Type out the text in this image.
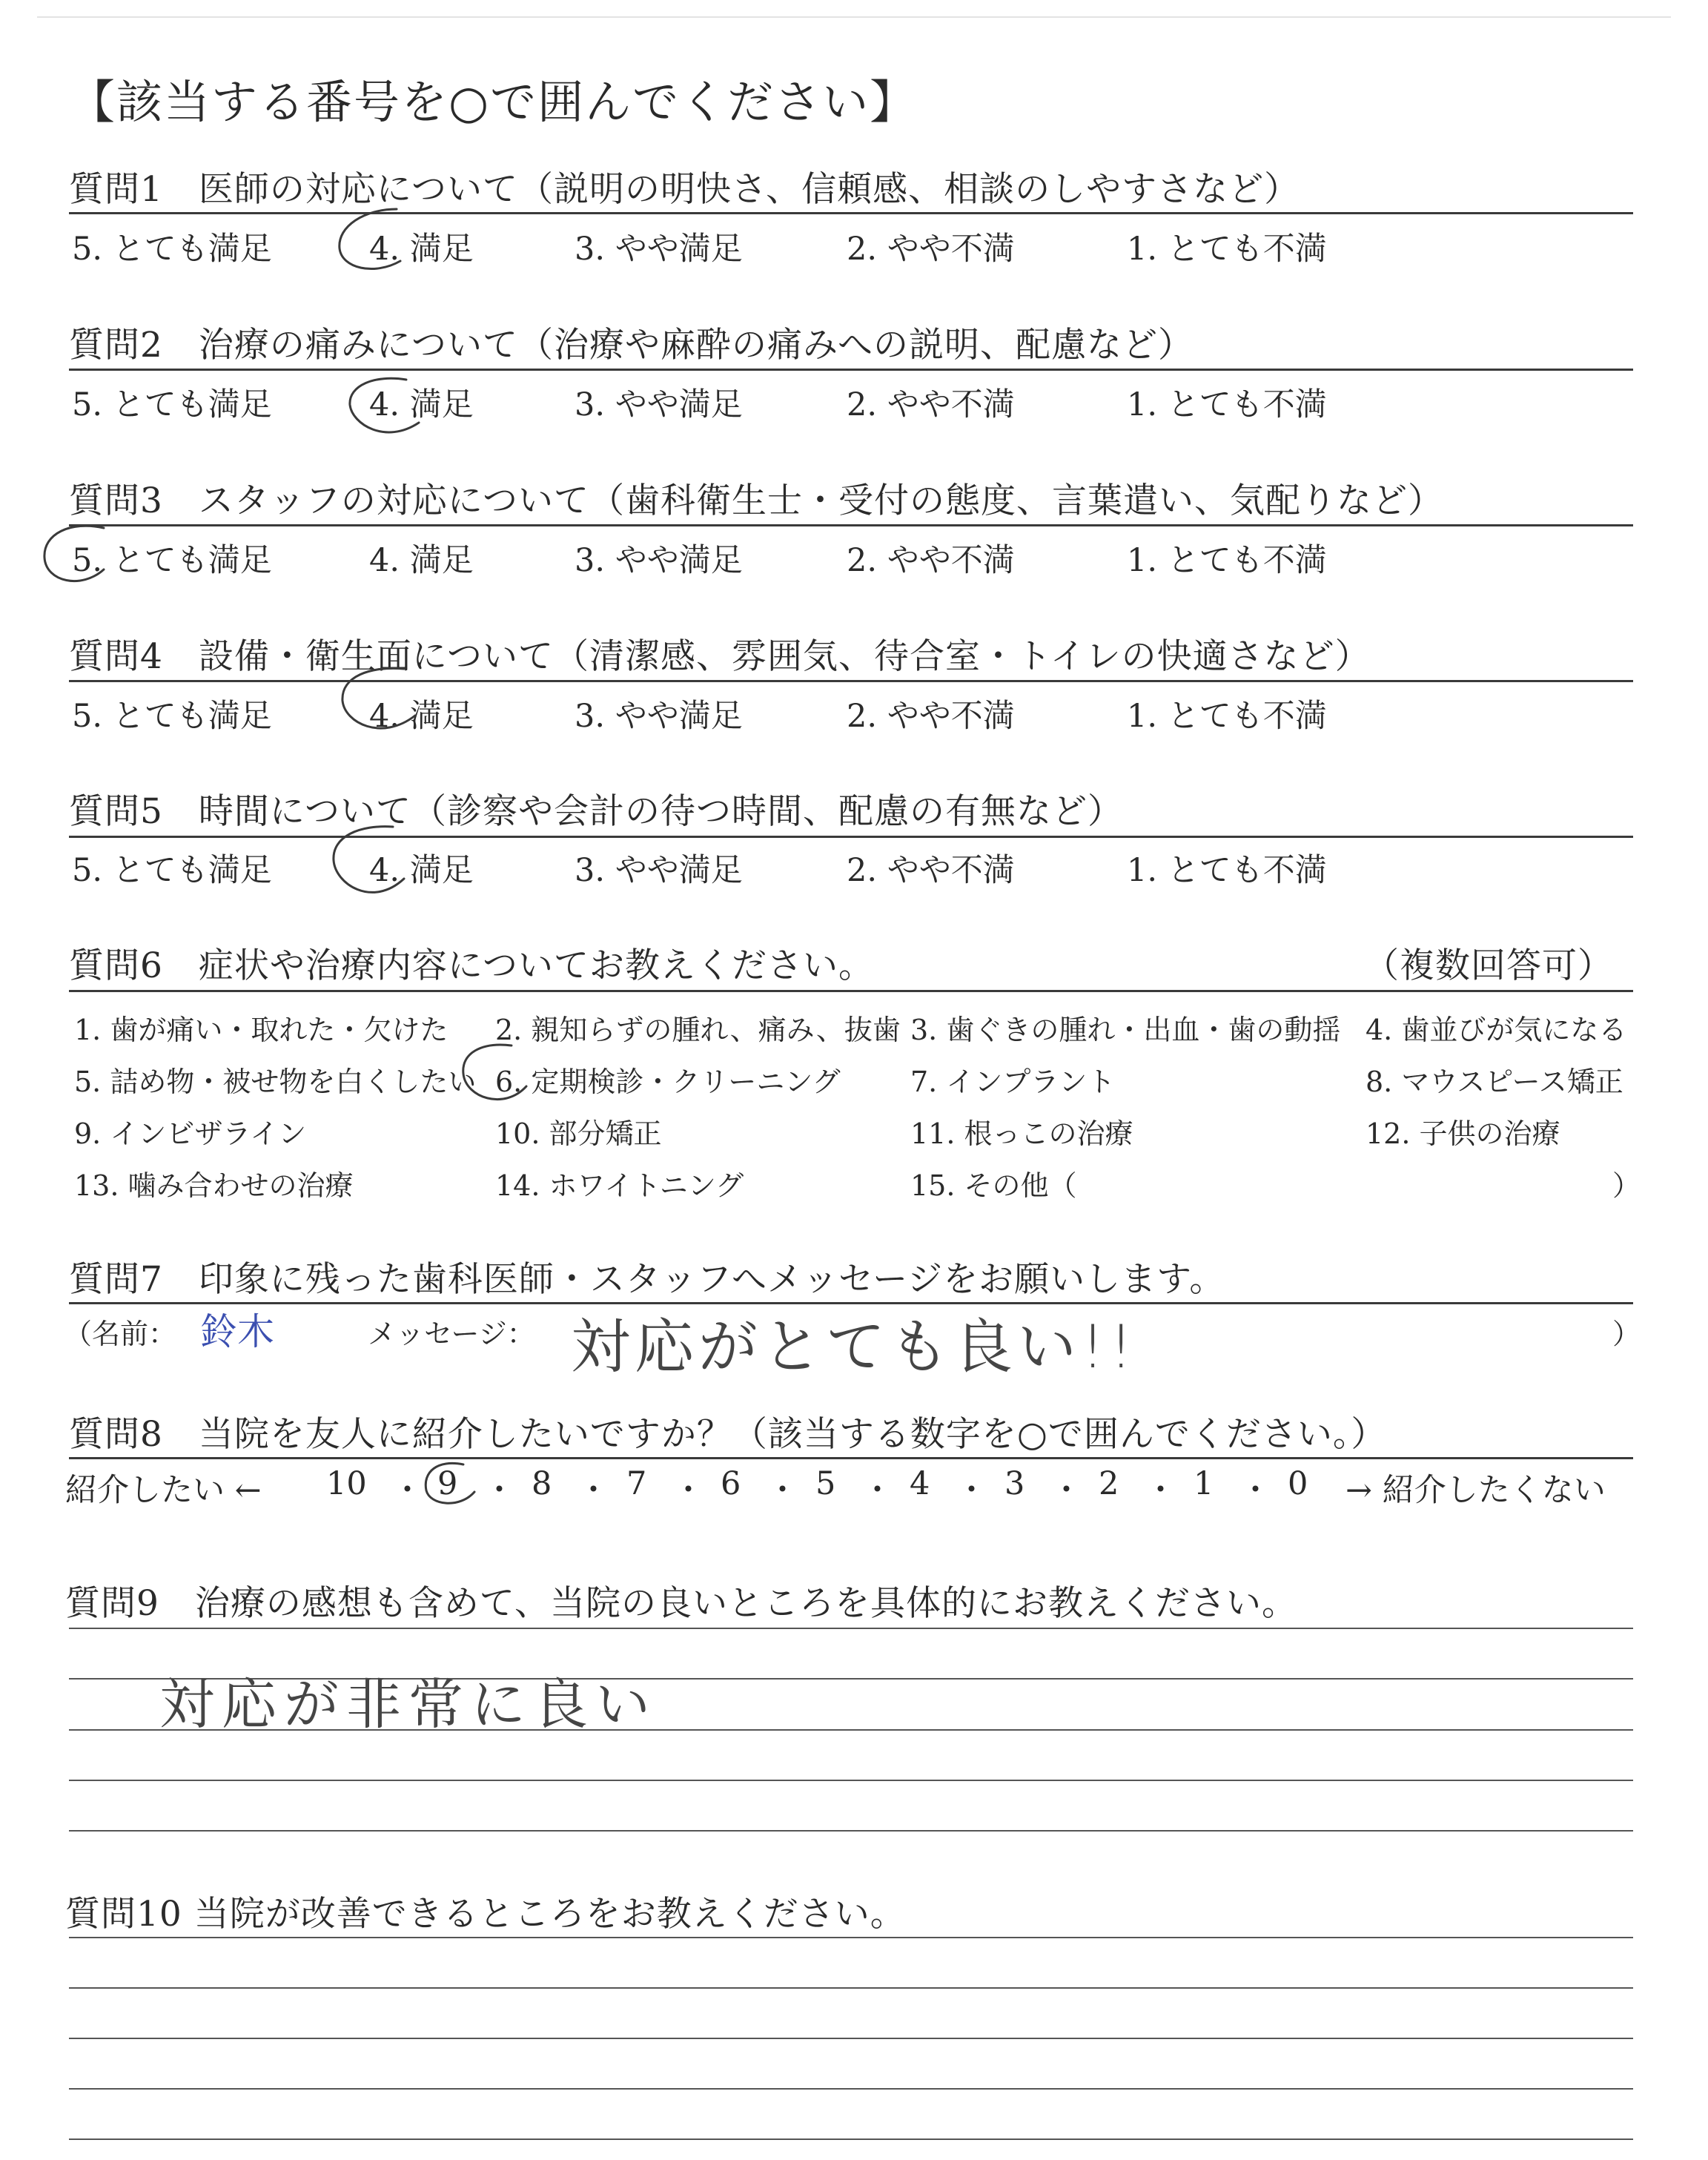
【該当する番号を○で囲んでください】
質問1　医師の対応について（説明の明快さ、信頼感、相談のしやすさなど）
5. とても満足	4. 満足	3. やや満足	2. やや不満	1. とても不満
質問2　治療の痛みについて（治療や麻酔の痛みへの説明、配慮など）
5. とても満足	4. 満足	3. やや満足	2. やや不満	1. とても不満
質問3　スタッフの対応について（歯科衛生士・受付の態度、言葉遣い、気配りなど）
5. とても満足	4. 満足	3. やや満足	2. やや不満	1. とても不満
質問4　設備・衛生面について（清潔感、雰囲気、待合室・トイレの快適さなど）
5. とても満足	4. 満足	3. やや満足	2. やや不満	1. とても不満
質問5　時間について（診察や会計の待つ時間、配慮の有無など）
5. とても満足	4. 満足	3. やや満足	2. やや不満	1. とても不満
質問6　症状や治療内容についてお教えください。	（複数回答可）
1. 歯が痛い・取れた・欠けた 2. 親知らずの腫れ、痛み、抜歯 3. 歯ぐきの腫れ・出血・歯の動揺 4. 歯並びが気になる
5. 詰め物・被せ物を白くしたい 6. 定期検診・クリーニング 7. インプラント	8. マウスピース矯正
9. インビザライン	10. 部分矯正	11. 根っこの治療	12. 子供の治療
13. 噛み合わせの治療	14. ホワイトニング	15. その他（	）
質問7　印象に残った歯科医師・スタッフへメッセージをお願いします。
（名前： 鈴木	メッセージ： 対応がとても良い!!	）
質問8　当院を友人に紹介したいですか？（該当する数字を○で囲んでください。）
紹介したい ← 10 ・ 9 ・ 8 ・ 7 ・ 6 ・ 5 ・ 4 ・ 3 ・ 2 ・ 1 ・ 0 → 紹介したくない
質問9　治療の感想も含めて、当院の良いところを具体的にお教えください。
対応が非常に良い
質問10 当院が改善できるところをお教えください。
